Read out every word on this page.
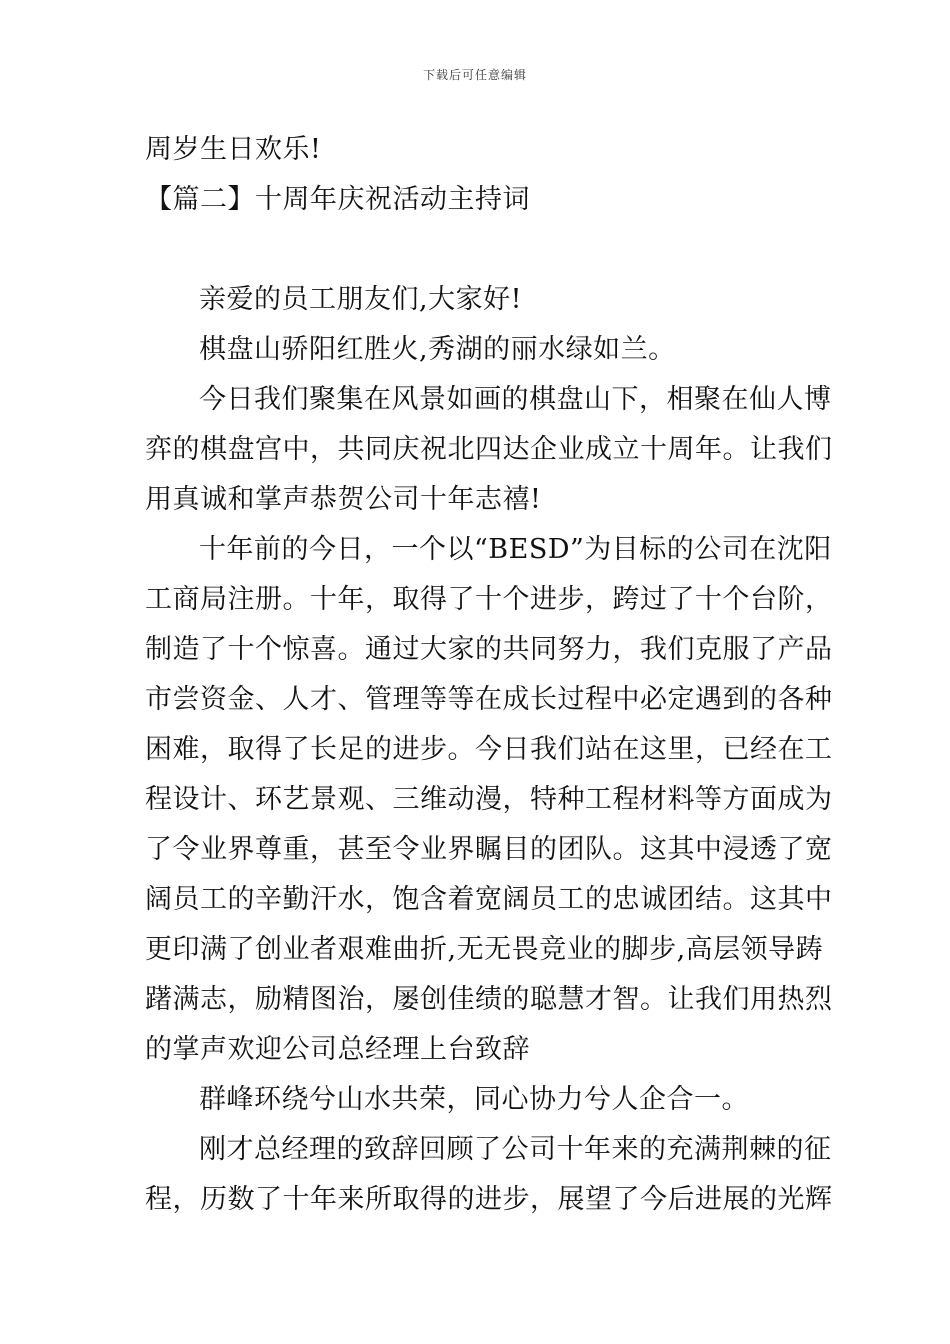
下载后可任意编辑
周岁生日欢乐!
【篇二】十周年庆祝活动主持词
亲爱的员工朋友们,大家好!
棋盘山骄阳红胜火,秀湖的丽水绿如兰。
今日我们聚集在风景如画的棋盘山下，相聚在仙人博
弈的棋盘宫中，共同庆祝北四达企业成立十周年。让我们
用真诚和掌声恭贺公司十年志禧!
十年前的今日，一个以“BESD”为目标的公司在沈阳
工商局注册。十年，取得了十个进步，跨过了十个台阶，
制造了十个惊喜。通过大家的共同努力，我们克服了产品
市尝资金、人才、管理等等在成长过程中必定遇到的各种
困难，取得了长足的进步。今日我们站在这里，已经在工
程设计、环艺景观、三维动漫，特种工程材料等方面成为
了令业界尊重，甚至令业界瞩目的团队。这其中浸透了宽
阔员工的辛勤汗水，饱含着宽阔员工的忠诚团结。这其中
更印满了创业者艰难曲折,无无畏竞业的脚步,高层领导踌
躇满志，励精图治，屡创佳绩的聪慧才智。让我们用热烈
的掌声欢迎公司总经理上台致辞
群峰环绕兮山水共荣，同心协力兮人企合一。
刚才总经理的致辞回顾了公司十年来的充满荆棘的征
程，历数了十年来所取得的进步，展望了今后进展的光辉
